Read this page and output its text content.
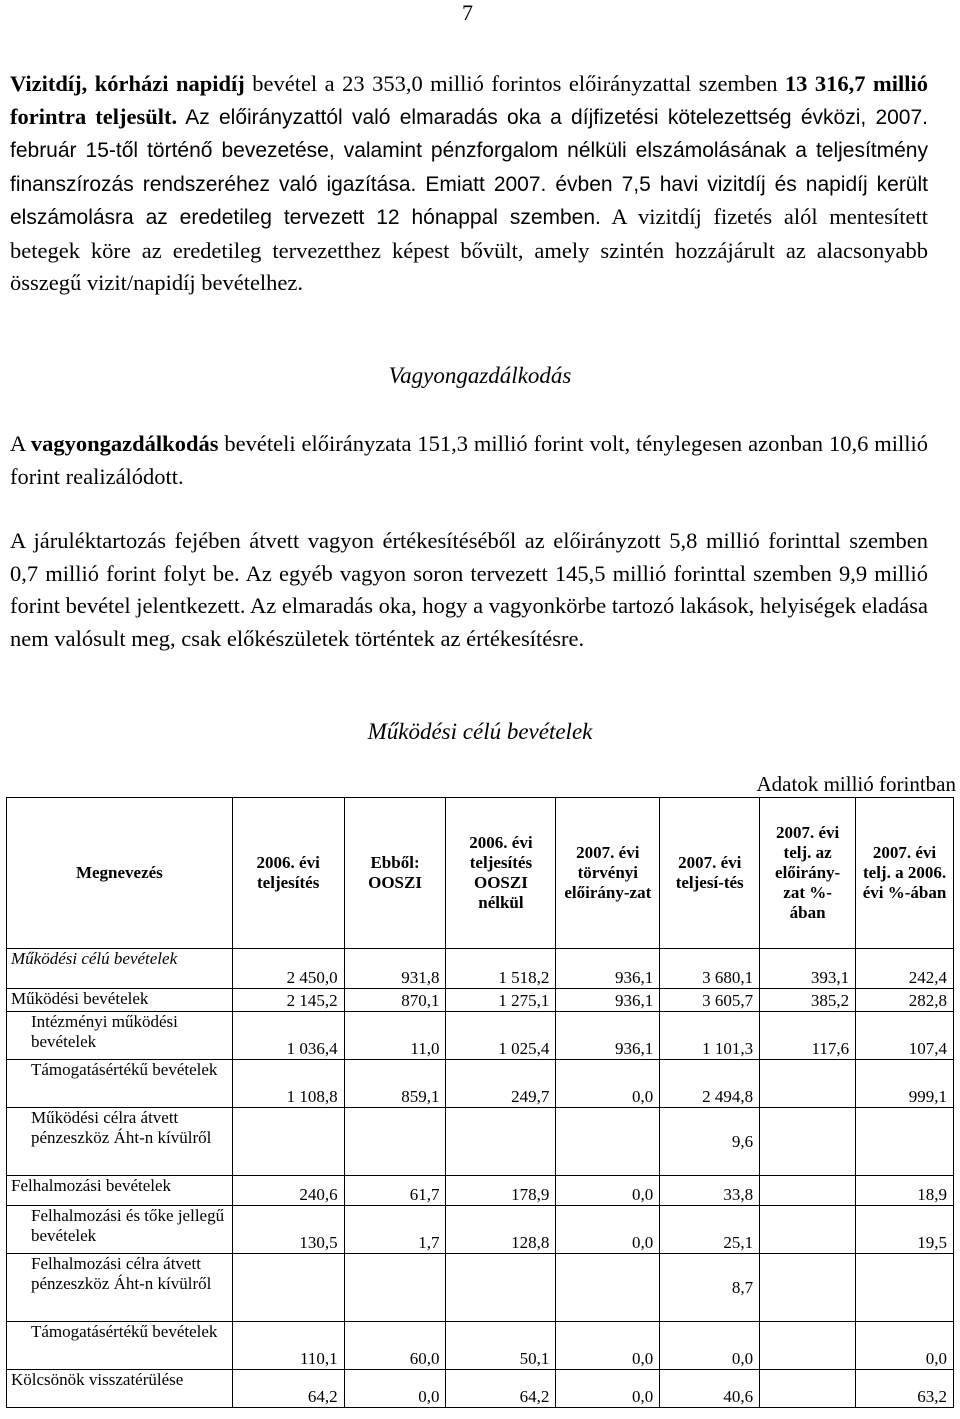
7

Vizitdíj, kórházi napidíj bevétel a 23 353,0 millió forintos előirányzattal szemben 13 316,7 millió forintra teljesült. Az előirányzattól való elmaradás oka a díjfizetési kötelezettség évközi, 2007. február 15-től történő bevezetése, valamint pénzforgalom nélküli elszámolásának a teljesítmény finanszírozás rendszeréhez való igazítása. Emiatt 2007. évben 7,5 havi vizitdíj és napidíj került elszámolásra az eredetileg tervezett 12 hónappal szemben. A vizitdíj fizetés alól mentesített betegek köre az eredetileg tervezetthez képest bővült, amely szintén hozzájárult az alacsonyabb összegű vizit/napidíj bevételhez.

Vagyongazdálkodás

A vagyongazdálkodás bevételi előirányzata 151,3 millió forint volt, ténylegesen azonban 10,6 millió forint realizálódott.

A járuléktartozás fejében átvett vagyon értékesítéséből az előirányzott 5,8 millió forinttal szemben 0,7 millió forint folyt be. Az egyéb vagyon soron tervezett 145,5 millió forinttal szemben 9,9 millió forint bevétel jelentkezett. Az elmaradás oka, hogy a vagyonkörbe tartozó lakások, helyiségek eladása nem valósult meg, csak előkészületek történtek az értékesítésre.

Működési célú bevételek
Adatok millió forintban
Megnevezés	2006. évi teljesítés	Ebből: OOSZI	2006. évi teljesítés OOSZI nélkül	2007. évi törvényi előirány-zat	2007. évi teljesí-tés	2007. évi telj. az előirány-zat %-ában	2007. évi telj. a 2006. évi %-ában
Működési célú bevételek	2 450,0	931,8	1 518,2	936,1	3 680,1	393,1	242,4
Működési bevételek	2 145,2	870,1	1 275,1	936,1	3 605,7	385,2	282,8
Intézményi működési bevételek	1 036,4	11,0	1 025,4	936,1	1 101,3	117,6	107,4
Támogatásértékű bevételek	1 108,8	859,1	249,7	0,0	2 494,8		999,1
Működési célra átvett pénzeszköz Áht-n kívülről					9,6		
Felhalmozási bevételek	240,6	61,7	178,9	0,0	33,8		18,9
Felhalmozási és tőke jellegű bevételek	130,5	1,7	128,8	0,0	25,1		19,5
Felhalmozási célra átvett pénzeszköz Áht-n kívülről					8,7		
Támogatásértékű bevételek	110,1	60,0	50,1	0,0	0,0		0,0
Kölcsönök visszatérülése	64,2	0,0	64,2	0,0	40,6		63,2
